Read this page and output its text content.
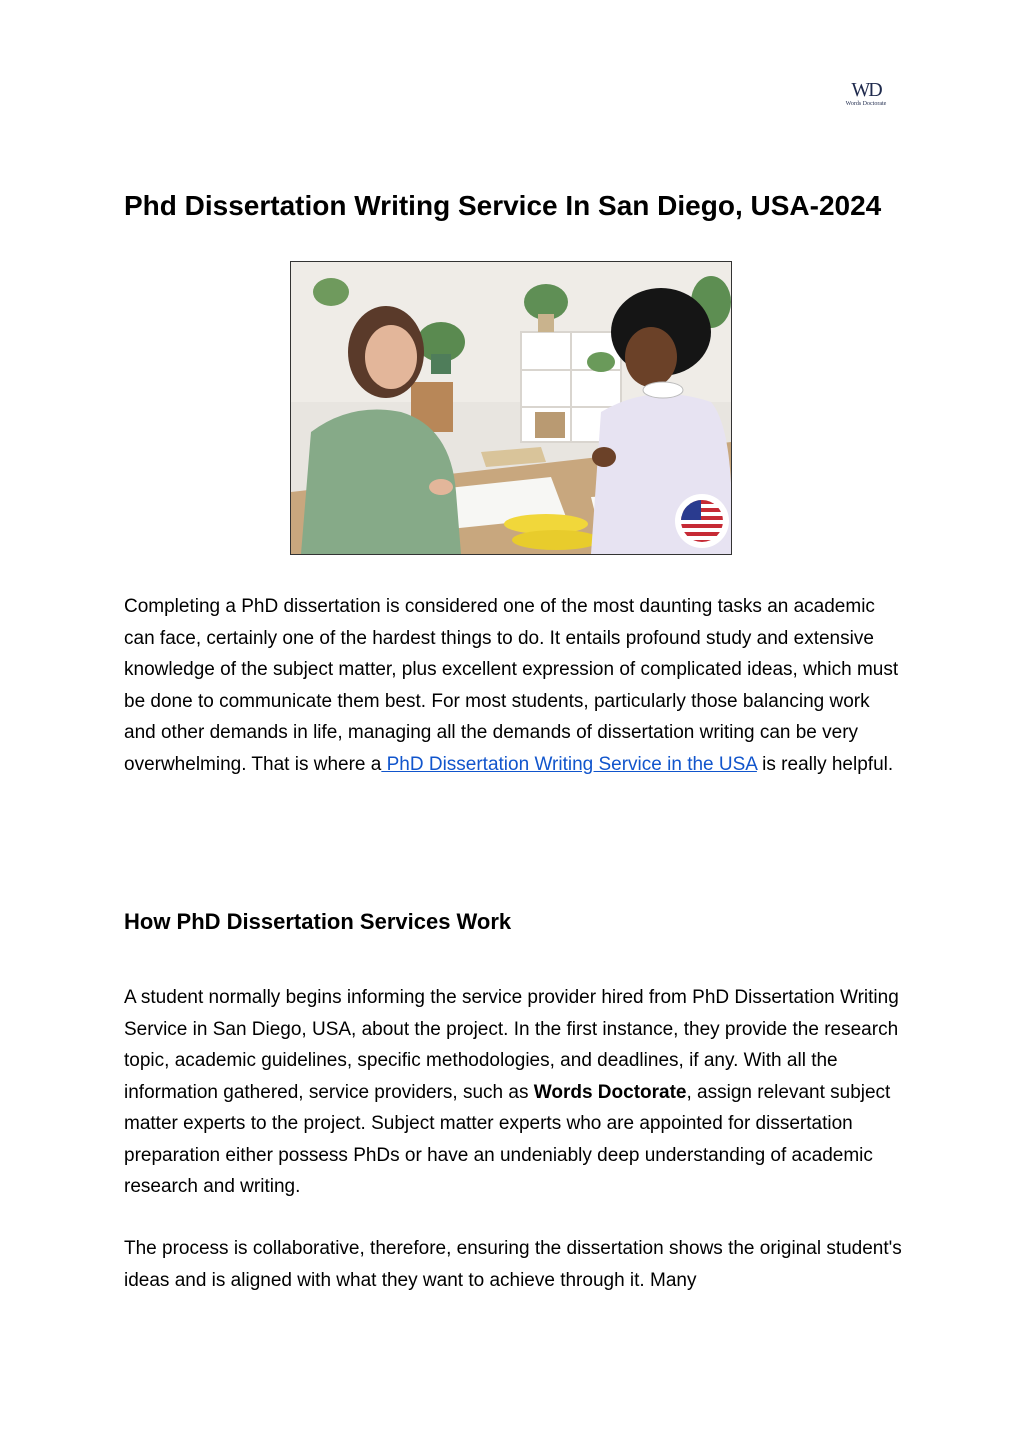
WD
Words Doctorate
Phd Dissertation Writing Service In San Diego, USA-2024

Completing a PhD dissertation is considered one of the most daunting tasks an academic can face, certainly one of the hardest things to do. It entails profound study and extensive knowledge of the subject matter, plus excellent expression of complicated ideas, which must be done to communicate them best. For most students, particularly those balancing work and other demands in life, managing all the demands of dissertation writing can be very overwhelming. That is where a PhD Dissertation Writing Service in the USA is really helpful.

How PhD Dissertation Services Work

A student normally begins informing the service provider hired from PhD Dissertation Writing Service in San Diego, USA, about the project. In the first instance, they provide the research topic, academic guidelines, specific methodologies, and deadlines, if any. With all the information gathered, service providers, such as Words Doctorate, assign relevant subject matter experts to the project. Subject matter experts who are appointed for dissertation preparation either possess PhDs or have an undeniably deep understanding of academic research and writing.

The process is collaborative, therefore, ensuring the dissertation shows the original student's ideas and is aligned with what they want to achieve through it. Many
